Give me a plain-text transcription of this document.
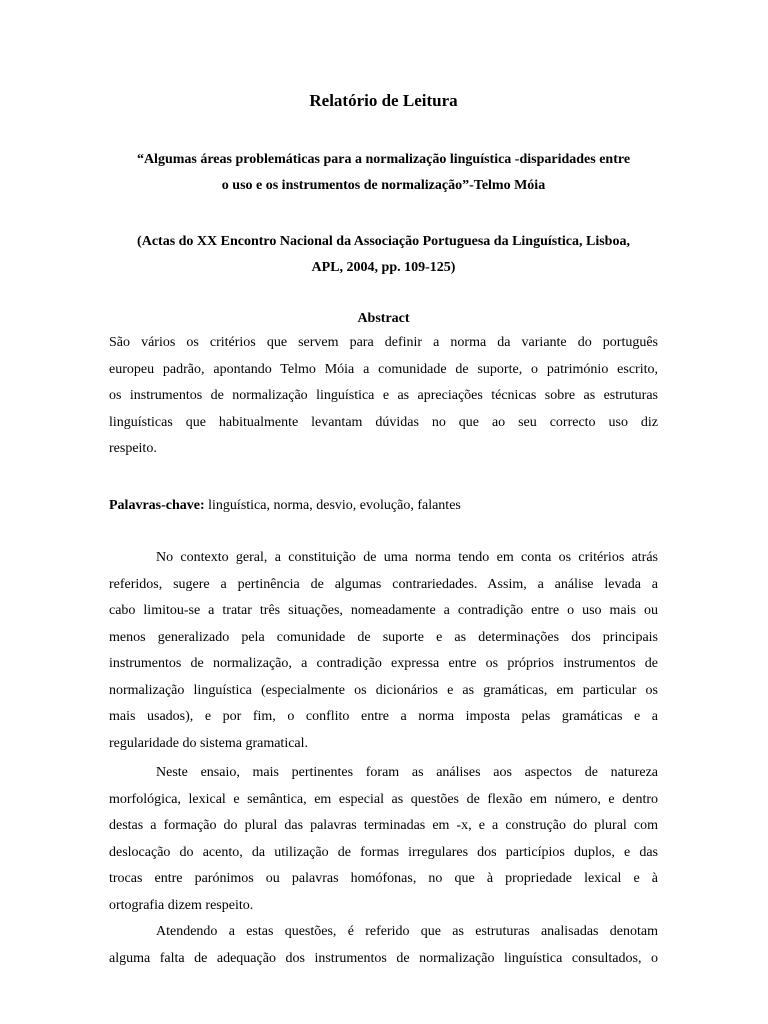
Relatório de Leitura
“Algumas áreas problemáticas para a normalização linguística -disparidades entre
o uso e os instrumentos de normalização”-Telmo Móia
(Actas do XX Encontro Nacional da Associação Portuguesa da Linguística, Lisboa,
APL, 2004, pp. 109-125)
Abstract
São vários os critérios que servem para definir a norma da variante do português
europeu padrão, apontando Telmo Móia a comunidade de suporte, o património escrito,
os instrumentos de normalização linguística e as apreciações técnicas sobre as estruturas
linguísticas que habitualmente levantam dúvidas no que ao seu correcto uso diz
respeito.
Palavras-chave: linguística, norma, desvio, evolução, falantes
No contexto geral, a constituição de uma norma tendo em conta os critérios atrás
referidos, sugere a pertinência de algumas contrariedades. Assim, a análise levada a
cabo limitou-se a tratar três situações, nomeadamente a contradição entre o uso mais ou
menos generalizado pela comunidade de suporte e as determinações dos principais
instrumentos de normalização, a contradição expressa entre os próprios instrumentos de
normalização linguística (especialmente os dicionários e as gramáticas, em particular os
mais usados), e por fim, o conflito entre a norma imposta pelas gramáticas e a
regularidade do sistema gramatical.
Neste ensaio, mais pertinentes foram as análises aos aspectos de natureza
morfológica, lexical e semântica, em especial as questões de flexão em número, e dentro
destas a formação do plural das palavras terminadas em -x, e a construção do plural com
deslocação do acento, da utilização de formas irregulares dos particípios duplos, e das
trocas entre parónimos ou palavras homófonas, no que à propriedade lexical e à
ortografia dizem respeito.
Atendendo a estas questões, é referido que as estruturas analisadas denotam
alguma falta de adequação dos instrumentos de normalização linguística consultados, o
